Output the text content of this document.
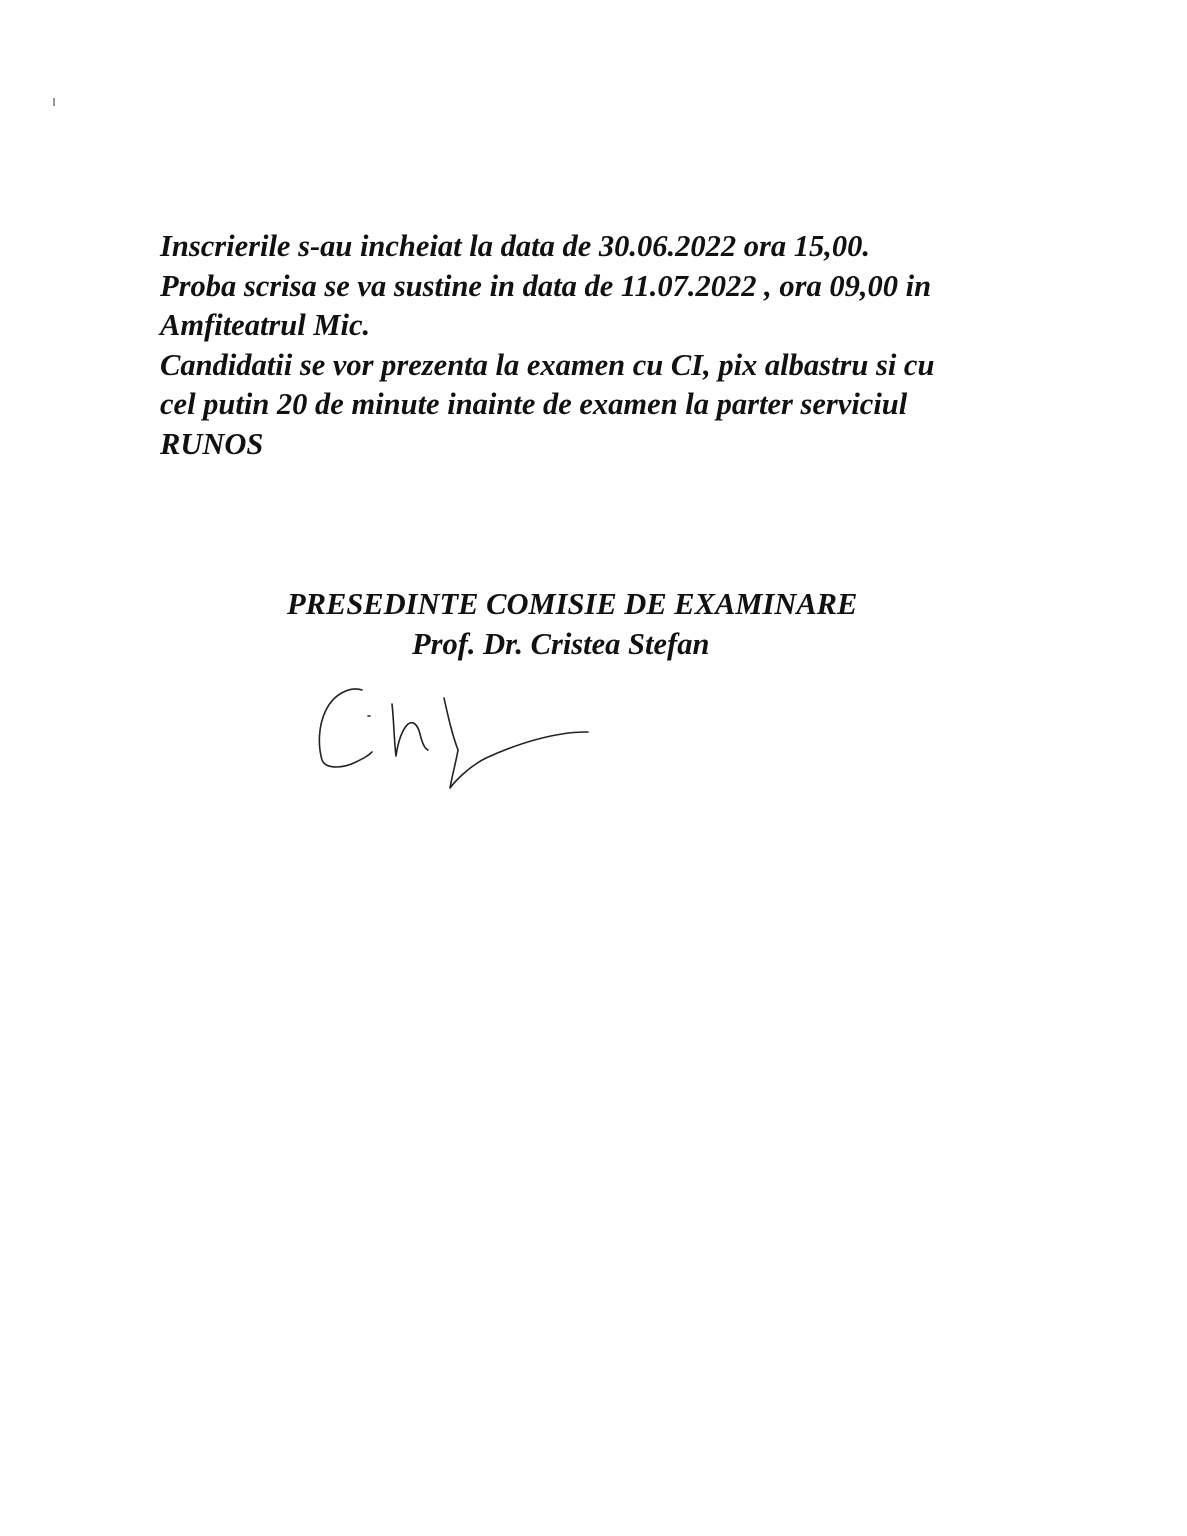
Inscrierile s-au incheiat la data de 30.06.2022 ora 15,00.
Proba scrisa se va sustine in data de 11.07.2022 , ora 09,00 in
Amfiteatrul Mic.
Candidatii se vor prezenta la examen cu CI, pix albastru si cu
cel putin 20 de minute inainte de examen la parter serviciul
RUNOS
PRESEDINTE COMISIE DE EXAMINARE
Prof. Dr. Cristea Stefan
